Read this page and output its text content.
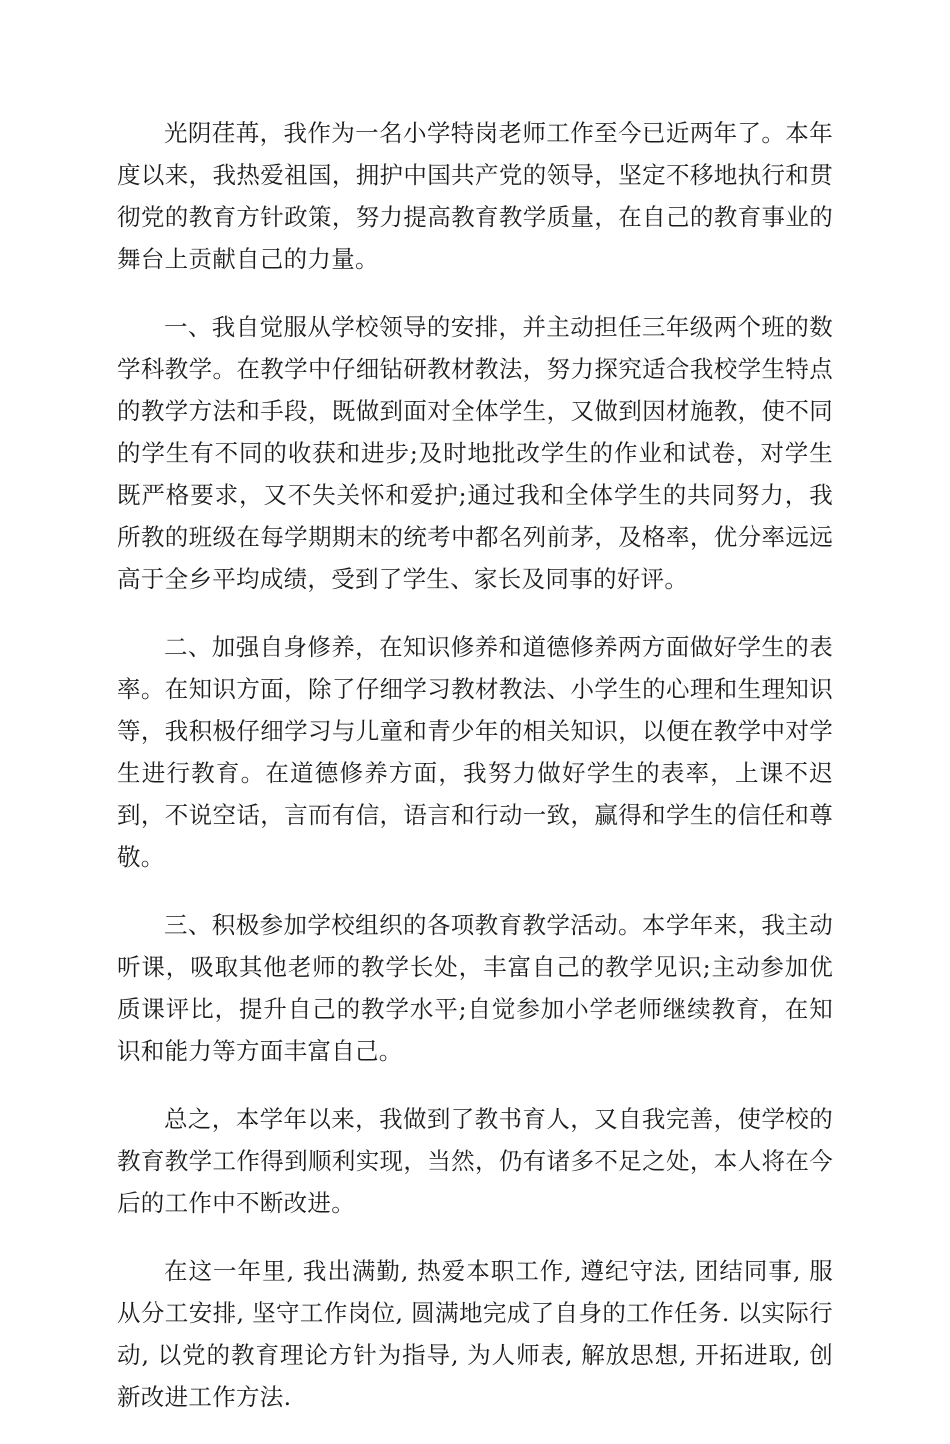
光阴荏苒，我作为一名小学特岗老师工作至今已近两年了。本年度以来，我热爱祖国，拥护中国共产党的领导，坚定不移地执行和贯彻党的教育方针政策，努力提高教育教学质量，在自己的教育事业的舞台上贡献自己的力量。

一、我自觉服从学校领导的安排，并主动担任三年级两个班的数学科教学。在教学中仔细钻研教材教法，努力探究适合我校学生特点的教学方法和手段，既做到面对全体学生，又做到因材施教，使不同的学生有不同的收获和进步;及时地批改学生的作业和试卷，对学生既严格要求，又不失关怀和爱护;通过我和全体学生的共同努力，我所教的班级在每学期期末的统考中都名列前茅，及格率，优分率远远高于全乡平均成绩，受到了学生、家长及同事的好评。

二、加强自身修养，在知识修养和道德修养两方面做好学生的表率。在知识方面，除了仔细学习教材教法、小学生的心理和生理知识等，我积极仔细学习与儿童和青少年的相关知识，以便在教学中对学生进行教育。在道德修养方面，我努力做好学生的表率，上课不迟到，不说空话，言而有信，语言和行动一致，赢得和学生的信任和尊敬。

三、积极参加学校组织的各项教育教学活动。本学年来，我主动听课，吸取其他老师的教学长处，丰富自己的教学见识;主动参加优质课评比，提升自己的教学水平;自觉参加小学老师继续教育，在知识和能力等方面丰富自己。

总之，本学年以来，我做到了教书育人，又自我完善，使学校的教育教学工作得到顺利实现，当然，仍有诸多不足之处，本人将在今后的工作中不断改进。

在这一年里, 我出满勤, 热爱本职工作, 遵纪守法, 团结同事, 服从分工安排, 坚守工作岗位, 圆满地完成了自身的工作任务. 以实际行动, 以党的教育理论方针为指导, 为人师表, 解放思想, 开拓进取, 创新改进工作方法.
